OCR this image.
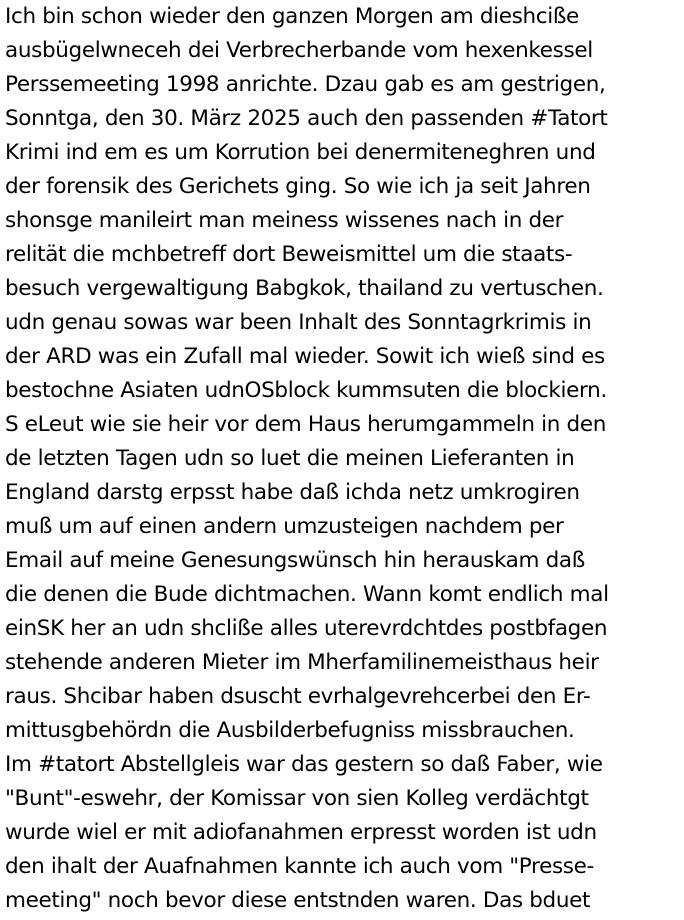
Ich bin schon wieder den ganzen Morgen am dieshcißе
ausbügelwneceh dei Verbrecherbande vom hexenkessel
Perssemeeting 1998 anrichte. Dzau gab es am gestrigen,
Sonntga, den 30. März 2025 auch den passenden #Tatort
Krimi ind em es um Korrution bei denermiteneghren und
der forensik des Gerichets ging. So wie ich ja seit Jahren
shonsge manileirt man meiness wissenes nach in der
relität die mchbetreff dort Beweismittel um die staats-
besuch vergewaltigung Babgkok, thailand zu vertuschen.
udn genau sowas war been Inhalt des Sonntagrkrimis in
der ARD was ein Zufall mal wieder. Sowit ich wieß sind es
bestochne Asiaten udnOSblock kummsuten die blockiern.
S eLeut wie sie heir vor dem Haus herumgammeln in den
de letzten Tagen udn so luet die meinen Lieferanten in
England darstg erpsst habe daß ichda netz umkrogiren
muß um auf einen andern umzusteigen nachdem per
Email auf meine Genesungswünsch hin herauskam daß
die denen die Bude dichtmachen. Wann komt endlich mal
einSK her an udn shcliße alles uterevrdchtdes postbfagen
stehende anderen Mieter im Mherfamilinemeisthaus heir
raus. Shcibar haben dsuscht evrhalgevrehcerbei den Er-
mittusgbehördn die Ausbilderbefugniss missbrauchen.
Im #tatort Abstellgleis war das gestern so daß Faber, wie
"Bunt"-eswehr, der Komissar von sien Kolleg verdächtgt
wurde wiel er mit adiofanahmen erpresst worden ist udn
den ihalt der Auafnahmen kannte ich auch vom "Presse-
meeting" noch bevor diese entstnden waren. Das bduet
